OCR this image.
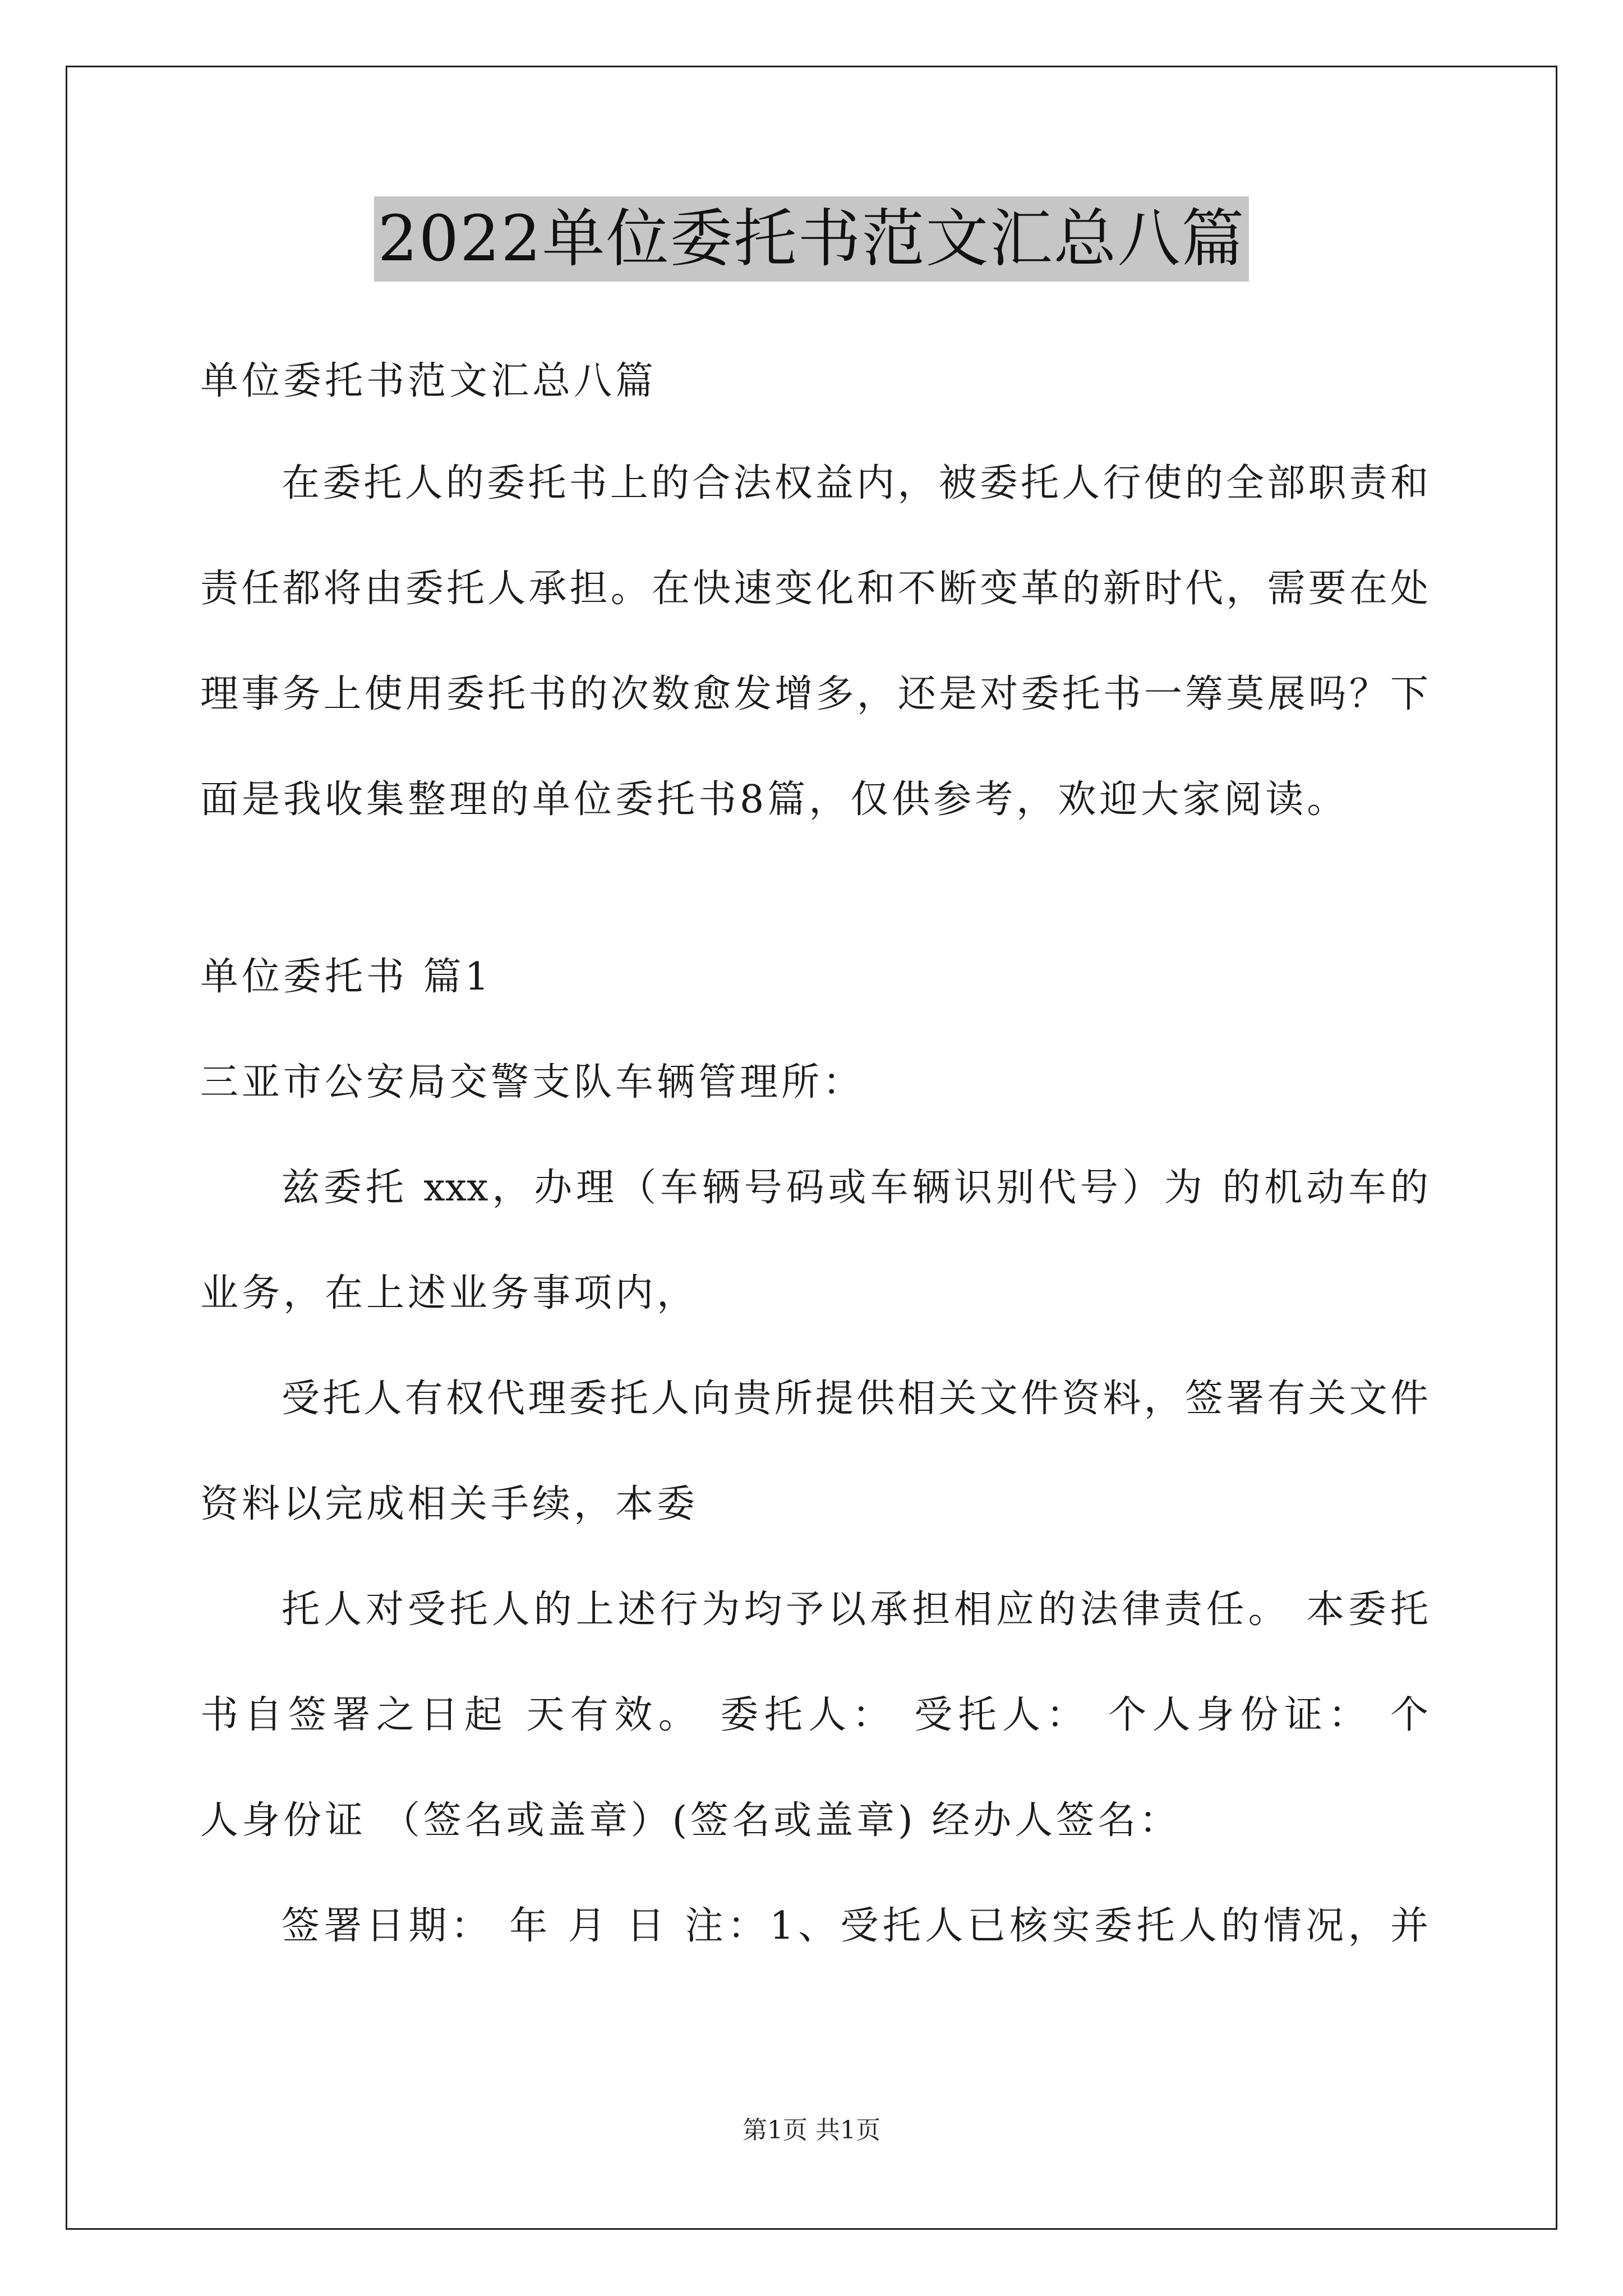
2022单位委托书范文汇总八篇

单位委托书范文汇总八篇

在委托人的委托书上的合法权益内，被委托人行使的全部职责和

责任都将由委托人承担。在快速变化和不断变革的新时代，需要在处

理事务上使用委托书的次数愈发增多，还是对委托书一筹莫展吗？下

面是我收集整理的单位委托书8篇，仅供参考，欢迎大家阅读。

单位委托书 篇1

三亚市公安局交警支队车辆管理所：

兹委托 xxx，办理（车辆号码或车辆识别代号）为 的机动车的

业务，在上述业务事项内，

受托人有权代理委托人向贵所提供相关文件资料，签署有关文件

资料以完成相关手续，本委

托人对受托人的上述行为均予以承担相应的法律责任。 本委托

书自签署之日起 天有效。 委托人： 受托人： 个人身份证： 个

人身份证 （签名或盖章）(签名或盖章) 经办人签名：

签署日期： 年 月 日 注：1、受托人已核实委托人的情况，并

第1页 共1页
